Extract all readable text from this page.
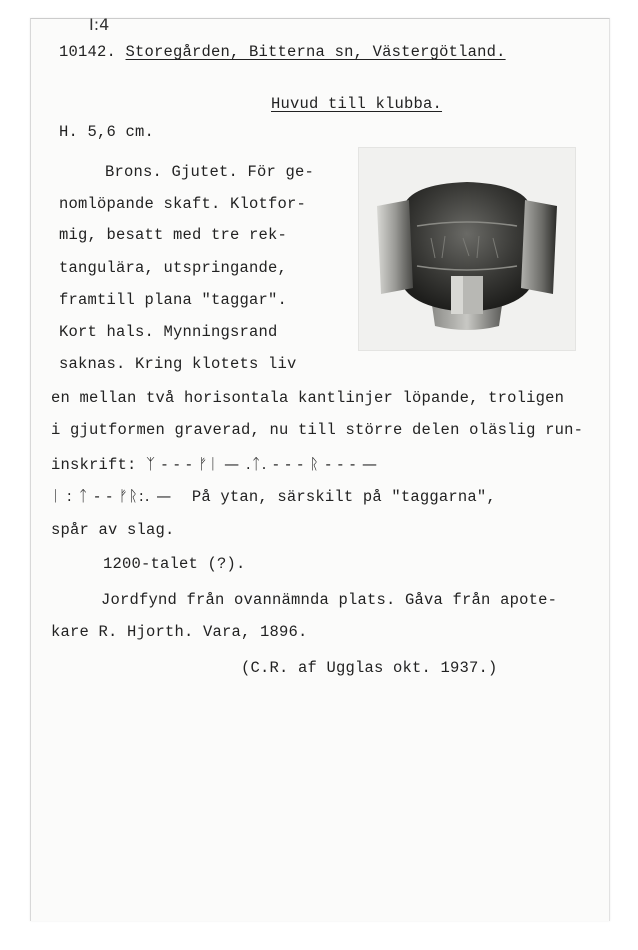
I:4
10142. Storegården, Bitterna sn, Västergötland.
Huvud till klubba.
H. 5,6 cm.
Brons. Gjutet. För ge-
nomlöpande skaft. Klotfor-
mig, besatt med tre rek-
tangulära, utspringande,
framtill plana "taggar".
Kort hals. Mynningsrand
saknas. Kring klotets liv
en mellan två horisontala kantlinjer löpande, troligen
i gjutformen graverad, nu till större delen oläslig run-
inskrift: ᛉ - - - ᚠᛁ — .ᛏ. - - - ᚱ - - - —
ᛁ : ᛏ - - ᚠᚱ:. — På ytan, särskilt på "taggarna",
spår av slag.
1200-talet (?).
Jordfynd från ovannämnda plats. Gåva från apote-
kare R. Hjorth. Vara, 1896.
(C.R. af Ugglas okt. 1937.)
